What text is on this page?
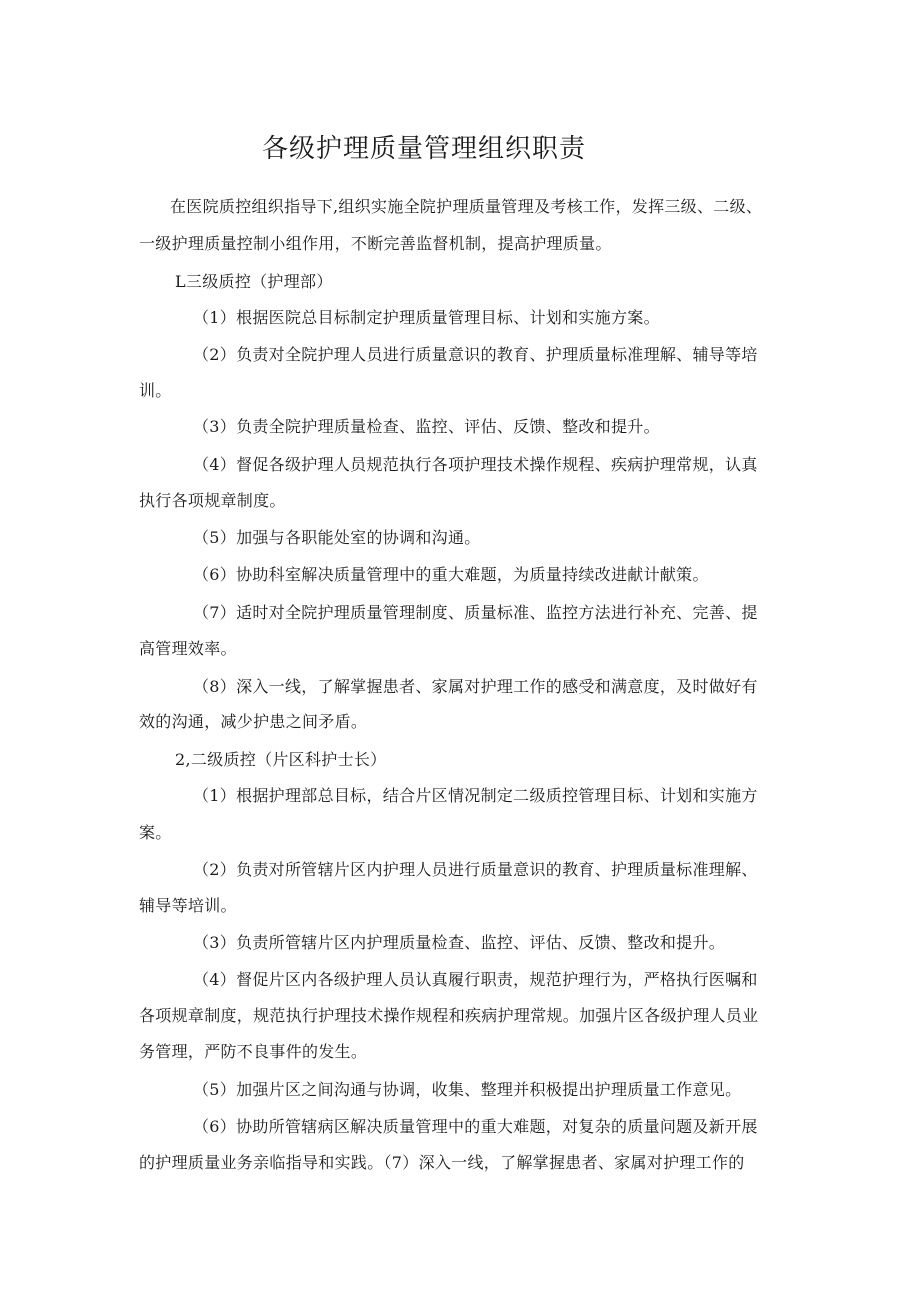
各级护理质量管理组织职责
在医院质控组织指导下,组织实施全院护理质量管理及考核工作，发挥三级、二级、
一级护理质量控制小组作用，不断完善监督机制，提高护理质量。
L三级质控（护理部）
（1）根据医院总目标制定护理质量管理目标、计划和实施方案。
（2）负责对全院护理人员进行质量意识的教育、护理质量标准理解、辅导等培
训。
（3）负责全院护理质量检查、监控、评估、反馈、整改和提升。
（4）督促各级护理人员规范执行各项护理技术操作规程、疾病护理常规，认真
执行各项规章制度。
（5）加强与各职能处室的协调和沟通。
（6）协助科室解决质量管理中的重大难题，为质量持续改进献计献策。
（7）适时对全院护理质量管理制度、质量标准、监控方法进行补充、完善、提
高管理效率。
（8）深入一线，了解掌握患者、家属对护理工作的感受和满意度，及时做好有
效的沟通，减少护患之间矛盾。
2,二级质控（片区科护士长）
（1）根据护理部总目标，结合片区情况制定二级质控管理目标、计划和实施方
案。
（2）负责对所管辖片区内护理人员进行质量意识的教育、护理质量标准理解、
辅导等培训。
（3）负责所管辖片区内护理质量检查、监控、评估、反馈、整改和提升。
（4）督促片区内各级护理人员认真履行职责，规范护理行为，严格执行医嘱和
各项规章制度，规范执行护理技术操作规程和疾病护理常规。加强片区各级护理人员业
务管理，严防不良事件的发生。
（5）加强片区之间沟通与协调，收集、整理并积极提出护理质量工作意见。
（6）协助所管辖病区解决质量管理中的重大难题，对复杂的质量问题及新开展
的护理质量业务亲临指导和实践。（7）深入一线，了解掌握患者、家属对护理工作的
